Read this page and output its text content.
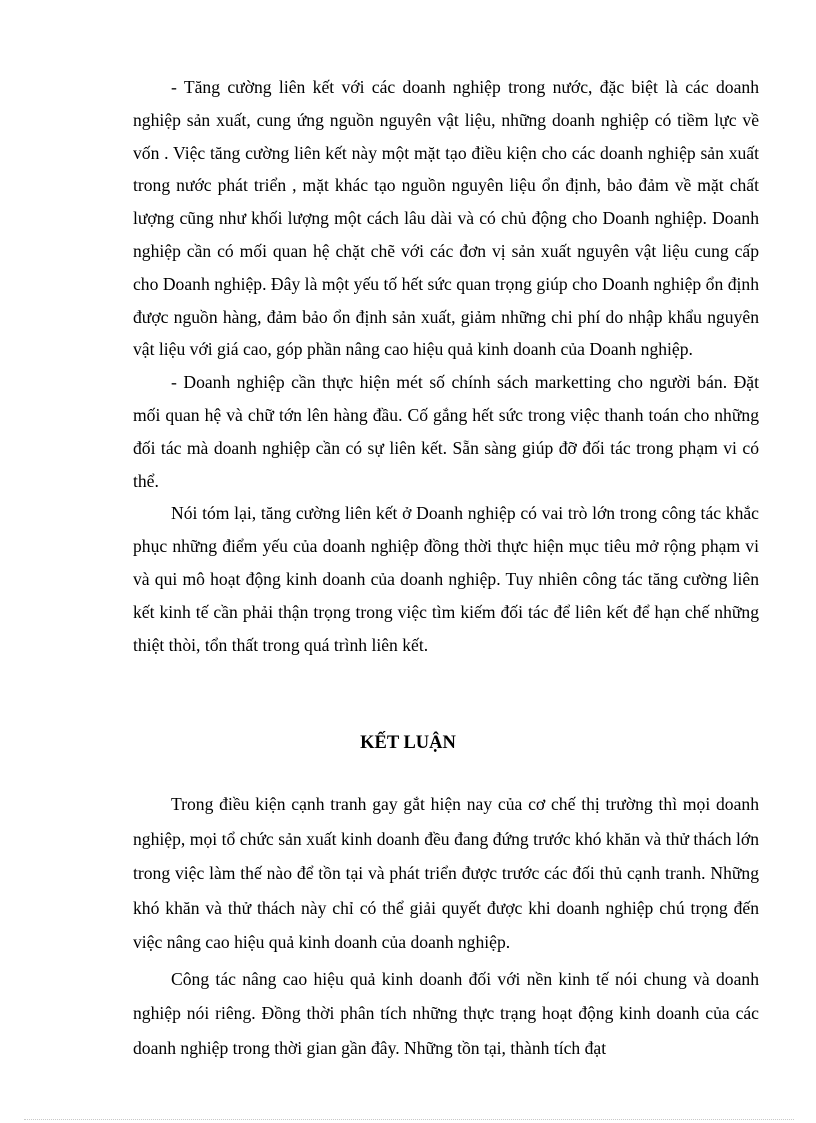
- Tăng cường liên kết với các doanh nghiệp trong nước, đặc biệt là các doanh nghiệp sản xuất, cung ứng nguồn nguyên vật liệu, những doanh nghiệp có tiềm lực về vốn . Việc tăng cường liên kết này một mặt tạo điều kiện cho các doanh nghiệp sản xuất trong nước phát triển , mặt khác tạo nguồn nguyên liệu ổn định, bảo đảm về mặt chất lượng cũng như khối lượng một cách lâu dài và có chủ động cho Doanh nghiệp. Doanh nghiệp cần có mối quan hệ chặt chẽ với các đơn vị sản xuất nguyên vật liệu cung cấp cho Doanh nghiệp. Đây là một yếu tố hết sức quan trọng giúp cho Doanh nghiệp ổn định được nguồn hàng, đảm bảo ổn định sản xuất, giảm những chi phí do nhập khẩu nguyên vật liệu với giá cao, góp phần nâng cao hiệu quả kinh doanh của Doanh nghiệp.

- Doanh nghiệp cần thực hiện mét số chính sách marketting cho người bán. Đặt mối quan hệ và chữ tớn lên hàng đầu. Cố gắng hết sức trong việc thanh toán cho những đối tác mà doanh nghiệp cần có sự liên kết. Sẵn sàng giúp đỡ đối tác trong phạm vi có thể.

Nói tóm lại, tăng cường liên kết ở Doanh nghiệp có vai trò lớn trong công tác khắc phục những điểm yếu của doanh nghiệp đồng thời thực hiện mục tiêu mở rộng phạm vi và qui mô hoạt động kinh doanh của doanh nghiệp. Tuy nhiên công tác tăng cường liên kết kinh tế cần phải thận trọng trong việc tìm kiếm đối tác để liên kết để hạn chế những thiệt thòi, tổn thất trong quá trình liên kết.

KẾT LUẬN

Trong điều kiện cạnh tranh gay gắt hiện nay của cơ chế thị trường thì mọi doanh nghiệp, mọi tổ chức sản xuất kinh doanh đều đang đứng trước khó khăn và thử thách lớn trong việc làm thế nào để tồn tại và phát triển được trước các đối thủ cạnh tranh. Những khó khăn và thử thách này chỉ có thể giải quyết được khi doanh nghiệp chú trọng đến việc nâng cao hiệu quả kinh doanh của doanh nghiệp.

Công tác nâng cao hiệu quả kinh doanh đối với nền kinh tế nói chung và doanh nghiệp nói riêng. Đồng thời phân tích những thực trạng hoạt động kinh doanh của các doanh nghiệp trong thời gian gần đây. Những tồn tại, thành tích đạt
